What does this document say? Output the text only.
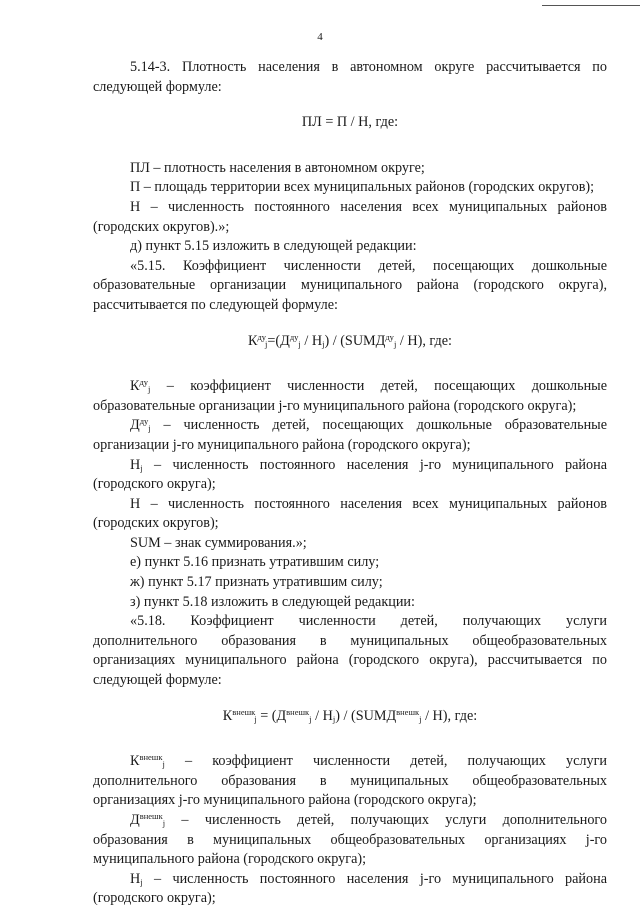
4

5.14-3. Плотность населения в автономном округе рассчитывается по следующей формуле:

ПЛ = П / Н, где:

ПЛ – плотность населения в автономном округе;

П – площадь территории всех муниципальных районов (городских округов);

Н – численность постоянного населения всех муниципальных районов (городских округов).»;

д) пункт 5.15 изложить в следующей редакции:

«5.15. Коэффициент численности детей, посещающих дошкольные образовательные организации муниципального района (городского округа), рассчитывается по следующей формуле:

$К^{ду}_j=(Д^{ду}_j / Н_j)$ / $(SUMД^{ду}_j / Н)$, где:

$К^{ду}_j$ – коэффициент численности детей, посещающих дошкольные образовательные организации j-го муниципального района (городского округа);

$Д^{ду}_j$ – численность детей, посещающих дошкольные образовательные организации j-го муниципального района (городского округа);

$Н_j$ – численность постоянного населения j-го муниципального района (городского округа);

Н – численность постоянного населения всех муниципальных районов (городских округов);

SUM – знак суммирования.»;

е) пункт 5.16 признать утратившим силу;

ж) пункт 5.17 признать утратившим силу;

з) пункт 5.18 изложить в следующей редакции:

«5.18. Коэффициент численности детей, получающих услуги дополнительного образования в муниципальных общеобразовательных организациях муниципального района (городского округа), рассчитывается по следующей формуле:

$К^{внешк}_j = (Д^{внешк}_j / Н_j)$ / $(SUMД^{внешк}_j / Н)$, где:

$К^{внешк}_j$ – коэффициент численности детей, получающих услуги дополнительного образования в муниципальных общеобразовательных организациях j-го муниципального района (городского округа);

$Д^{внешк}_j$ – численность детей, получающих услуги дополнительного образования в муниципальных общеобразовательных организациях j-го муниципального района (городского округа);

$Н_j$ – численность постоянного населения j-го муниципального района (городского округа);
